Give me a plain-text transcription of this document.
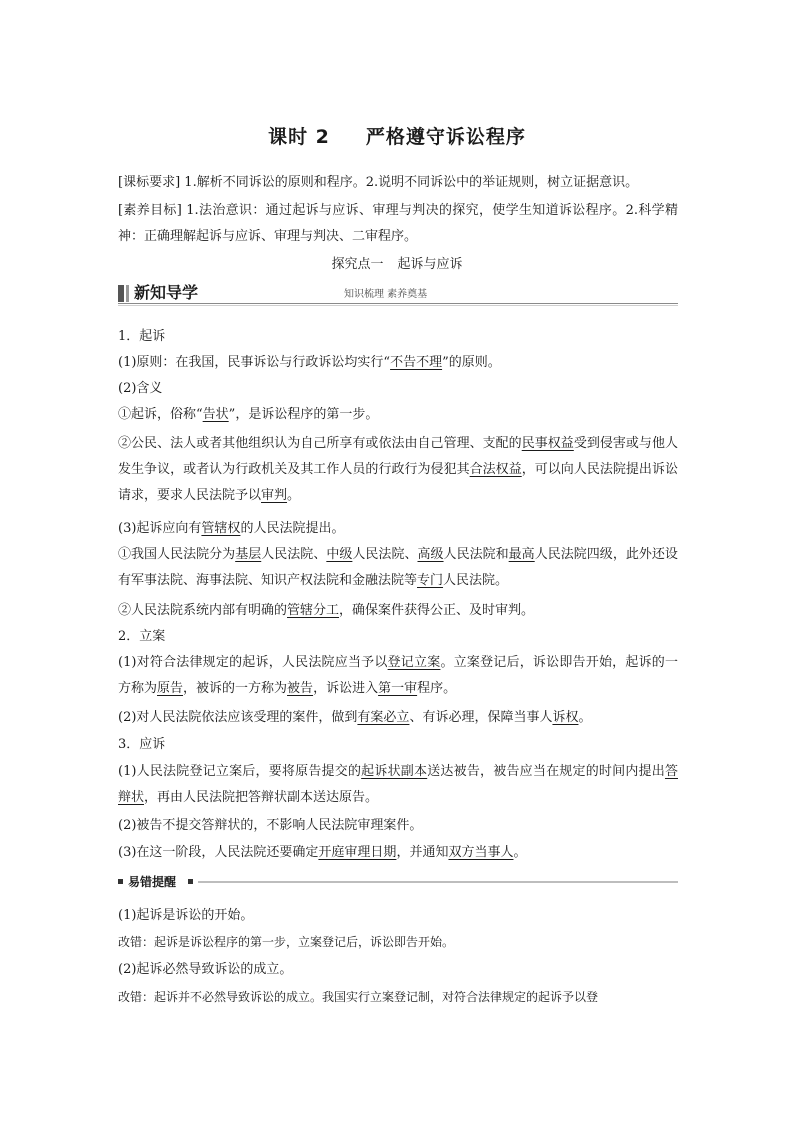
课时 2 严格遵守诉讼程序
[课标要求] 1.解析不同诉讼的原则和程序。2.说明不同诉讼中的举证规则，树立证据意识。
[素养目标] 1.法治意识：通过起诉与应诉、审理与判决的探究，使学生知道诉讼程序。2.科学精神：正确理解起诉与应诉、审理与判决、二审程序。
探究点一 起诉与应诉
新知导学	知识梳理 素养奠基
1．起诉
(1)原则：在我国，民事诉讼与行政诉讼均实行“不告不理”的原则。
(2)含义
①起诉，俗称“告状”，是诉讼程序的第一步。
②公民、法人或者其他组织认为自己所享有或依法由自己管理、支配的民事权益受到侵害或与他人发生争议，或者认为行政机关及其工作人员的行政行为侵犯其合法权益，可以向人民法院提出诉讼请求，要求人民法院予以审判。
(3)起诉应向有管辖权的人民法院提出。
①我国人民法院分为基层人民法院、中级人民法院、高级人民法院和最高人民法院四级，此外还设有军事法院、海事法院、知识产权法院和金融法院等专门人民法院。
②人民法院系统内部有明确的管辖分工，确保案件获得公正、及时审判。
2．立案
(1)对符合法律规定的起诉，人民法院应当予以登记立案。立案登记后，诉讼即告开始，起诉的一方称为原告，被诉的一方称为被告，诉讼进入第一审程序。
(2)对人民法院依法应该受理的案件，做到有案必立、有诉必理，保障当事人诉权。
3．应诉
(1)人民法院登记立案后，要将原告提交的起诉状副本送达被告，被告应当在规定的时间内提出答辩状，再由人民法院把答辩状副本送达原告。
(2)被告不提交答辩状的，不影响人民法院审理案件。
(3)在这一阶段，人民法院还要确定开庭审理日期，并通知双方当事人。
易错提醒
(1)起诉是诉讼的开始。
改错：起诉是诉讼程序的第一步，立案登记后，诉讼即告开始。
(2)起诉必然导致诉讼的成立。
改错：起诉并不必然导致诉讼的成立。我国实行立案登记制，对符合法律规定的起诉予以登
